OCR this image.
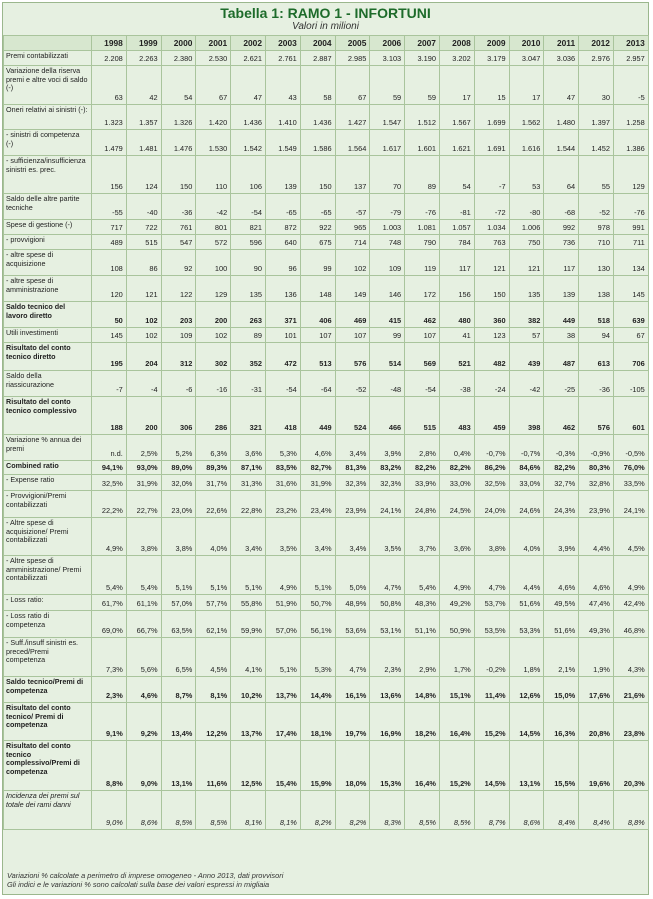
Tabella 1: RAMO 1 - INFORTUNI
Valori in milioni
	1998	1999	2000	2001	2002	2003	2004	2005	2006	2007	2008	2009	2010	2011	2012	2013
Premi contabilizzati	2.208	2.263	2.380	2.530	2.621	2.761	2.887	2.985	3.103	3.190	3.202	3.179	3.047	3.036	2.976	2.957
Variazione della riserva premi e altre voci di saldo (-)	63	42	54	67	47	43	58	67	59	59	17	15	17	47	30	-5
Oneri relativi ai sinistri (-):	1.323	1.357	1.326	1.420	1.436	1.410	1.436	1.427	1.547	1.512	1.567	1.699	1.562	1.480	1.397	1.258
- sinistri di competenza (-)	1.479	1.481	1.476	1.530	1.542	1.549	1.586	1.564	1.617	1.601	1.621	1.691	1.616	1.544	1.452	1.386
- sufficienza/insufficienza sinistri es. prec.	156	124	150	110	106	139	150	137	70	89	54	-7	53	64	55	129
Saldo delle altre partite tecniche	-55	-40	-36	-42	-54	-65	-65	-57	-79	-76	-81	-72	-80	-68	-52	-76
Spese di gestione (-)	717	722	761	801	821	872	922	965	1.003	1.081	1.057	1.034	1.006	992	978	991
- provvigioni	489	515	547	572	596	640	675	714	748	790	784	763	750	736	710	711
- altre spese di acquisizione	108	86	92	100	90	96	99	102	109	119	117	121	121	117	130	134
- altre spese di amministrazione	120	121	122	129	135	136	148	149	146	172	156	150	135	139	138	145
Saldo tecnico del lavoro diretto	50	102	203	200	263	371	406	469	415	462	480	360	382	449	518	639
Utili investimenti	145	102	109	102	89	101	107	107	99	107	41	123	57	38	94	67
Risultato del conto tecnico diretto	195	204	312	302	352	472	513	576	514	569	521	482	439	487	613	706
Saldo della riassicurazione	-7	-4	-6	-16	-31	-54	-64	-52	-48	-54	-38	-24	-42	-25	-36	-105
Risultato del conto tecnico complessivo	188	200	306	286	321	418	449	524	466	515	483	459	398	462	576	601
Variazione % annua dei premi	n.d.	2,5%	5,2%	6,3%	3,6%	5,3%	4,6%	3,4%	3,9%	2,8%	0,4%	-0,7%	-0,7%	-0,3%	-0,9%	-0,5%
Combined ratio	94,1%	93,0%	89,0%	89,3%	87,1%	83,5%	82,7%	81,3%	83,2%	82,2%	82,2%	86,2%	84,6%	82,2%	80,3%	76,0%
- Expense ratio	32,5%	31,9%	32,0%	31,7%	31,3%	31,6%	31,9%	32,3%	32,3%	33,9%	33,0%	32,5%	33,0%	32,7%	32,8%	33,5%
- Provvigioni/Premi contabilizzati	22,2%	22,7%	23,0%	22,6%	22,8%	23,2%	23,4%	23,9%	24,1%	24,8%	24,5%	24,0%	24,6%	24,3%	23,9%	24,1%
- Altre spese di acquisizione/ Premi contabilizzati	4,9%	3,8%	3,8%	4,0%	3,4%	3,5%	3,4%	3,4%	3,5%	3,7%	3,6%	3,8%	4,0%	3,9%	4,4%	4,5%
- Altre spese di amministrazione/ Premi contabilizzati	5,4%	5,4%	5,1%	5,1%	5,1%	4,9%	5,1%	5,0%	4,7%	5,4%	4,9%	4,7%	4,4%	4,6%	4,6%	4,9%
- Loss ratio:	61,7%	61,1%	57,0%	57,7%	55,8%	51,9%	50,7%	48,9%	50,8%	48,3%	49,2%	53,7%	51,6%	49,5%	47,4%	42,4%
- Loss ratio di competenza	69,0%	66,7%	63,5%	62,1%	59,9%	57,0%	56,1%	53,6%	53,1%	51,1%	50,9%	53,5%	53,3%	51,6%	49,3%	46,8%
- Suff./insuff sinistri es. preced/Premi competenza	7,3%	5,6%	6,5%	4,5%	4,1%	5,1%	5,3%	4,7%	2,3%	2,9%	1,7%	-0,2%	1,8%	2,1%	1,9%	4,3%
Saldo tecnico/Premi di competenza	2,3%	4,6%	8,7%	8,1%	10,2%	13,7%	14,4%	16,1%	13,6%	14,8%	15,1%	11,4%	12,6%	15,0%	17,6%	21,6%
Risultato del conto tecnico/ Premi di competenza	9,1%	9,2%	13,4%	12,2%	13,7%	17,4%	18,1%	19,7%	16,9%	18,2%	16,4%	15,2%	14,5%	16,3%	20,8%	23,8%
Risultato del conto tecnico complessivo/Premi di competenza	8,8%	9,0%	13,1%	11,6%	12,5%	15,4%	15,9%	18,0%	15,3%	16,4%	15,2%	14,5%	13,1%	15,5%	19,6%	20,3%
Incidenza dei premi sul totale dei rami danni	9,0%	8,6%	8,5%	8,5%	8,1%	8,1%	8,2%	8,2%	8,3%	8,5%	8,5%	8,7%	8,6%	8,4%	8,4%	8,8%
Variazioni % calcolate a perimetro di imprese omogeneo - Anno 2013, dati provvisori
Gli indici e le variazioni % sono calcolati sulla base dei valori espressi in migliaia
